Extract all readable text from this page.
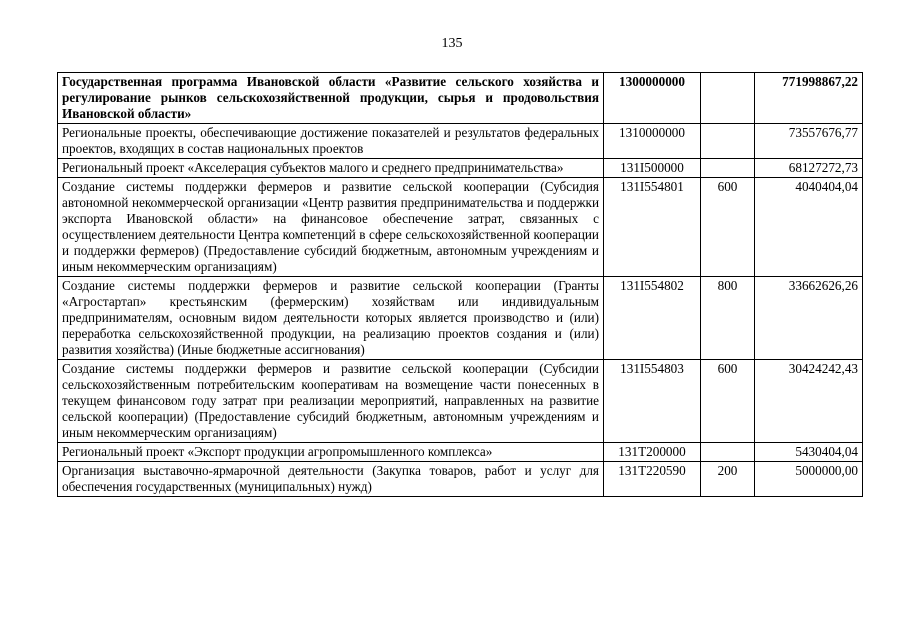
135
Государственная программа Ивановской области «Развитие сельского хозяйства и регулирование рынков сельскохозяйственной продукции, сырья и продовольствия Ивановской области»	1300000000		771998867,22
Региональные проекты, обеспечивающие достижение показателей и результатов федеральных проектов, входящих в состав национальных проектов	1310000000		73557676,77
Региональный проект «Акселерация субъектов малого и среднего предпринимательства»	131I500000		68127272,73
Создание системы поддержки фермеров и развитие сельской кооперации (Субсидия автономной некоммерческой организации «Центр развития предпринимательства и поддержки экспорта Ивановской области» на финансовое обеспечение затрат, связанных с осуществлением деятельности Центра компетенций в сфере сельскохозяйственной кооперации и поддержки фермеров) (Предоставление субсидий бюджетным, автономным учреждениям и иным некоммерческим организациям)	131I554801	600	4040404,04
Создание системы поддержки фермеров и развитие сельской кооперации (Гранты «Агростартап» крестьянским (фермерским) хозяйствам или индивидуальным предпринимателям, основным видом деятельности которых является производство и (или) переработка сельскохозяйственной продукции, на реализацию проектов создания и (или) развития хозяйства) (Иные бюджетные ассигнования)	131I554802	800	33662626,26
Создание системы поддержки фермеров и развитие сельской кооперации (Субсидии сельскохозяйственным потребительским кооперативам на возмещение части понесенных в текущем финансовом году затрат при реализации мероприятий, направленных на развитие сельской кооперации) (Предоставление субсидий бюджетным, автономным учреждениям и иным некоммерческим организациям)	131I554803	600	30424242,43
Региональный проект «Экспорт продукции агропромышленного комплекса»	131T200000		5430404,04
Организация выставочно-ярмарочной деятельности (Закупка товаров, работ и услуг для обеспечения государственных (муниципальных) нужд)	131T220590	200	5000000,00
